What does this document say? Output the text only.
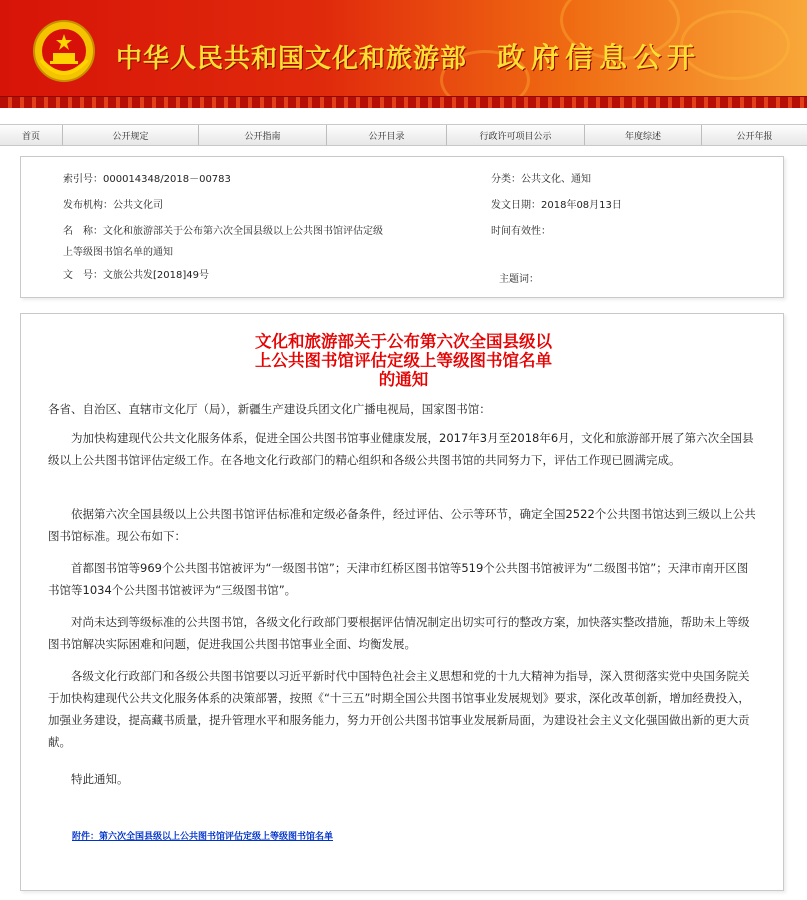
中华人民共和国文化和旅游部 政府信息公开
首页	公开规定	公开指南	公开目录	行政许可项目公示	年度综述	公开年报
索引号：000014348/2018－00783	分类：公共文化、通知
发布机构：公共文化司	发文日期：2018年08月13日
名　称：文化和旅游部关于公布第六次全国县级以上公共图书馆评估定级
上等级图书馆名单的通知
时间有效性：
文　号：文旅公共发[2018]49号	主题词：
文化和旅游部关于公布第六次全国县级以
上公共图书馆评估定级上等级图书馆名单
的通知
各省、自治区、直辖市文化厅（局），新疆生产建设兵团文化广播电视局，国家图书馆：
为加快构建现代公共文化服务体系，促进全国公共图书馆事业健康发展，2017年3月至2018年6月，文化和旅游部开展了第六次全国县级以上公共图书馆评估定级工作。在各地文化行政部门的精心组织和各级公共图书馆的共同努力下，评估工作现已圆满完成。
依据第六次全国县级以上公共图书馆评估标准和定级必备条件，经过评估、公示等环节，确定全国2522个公共图书馆达到三级以上公共图书馆标准。现公布如下：
首都图书馆等969个公共图书馆被评为“一级图书馆”；天津市红桥区图书馆等519个公共图书馆被评为“二级图书馆”；天津市南开区图书馆等1034个公共图书馆被评为“三级图书馆”。
对尚未达到等级标准的公共图书馆，各级文化行政部门要根据评估情况制定出切实可行的整改方案，加快落实整改措施，帮助未上等级图书馆解决实际困难和问题，促进我国公共图书馆事业全面、均衡发展。
各级文化行政部门和各级公共图书馆要以习近平新时代中国特色社会主义思想和党的十九大精神为指导，深入贯彻落实党中央国务院关于加快构建现代公共文化服务体系的决策部署，按照《“十三五”时期全国公共图书馆事业发展规划》要求，深化改革创新，增加经费投入，加强业务建设，提高藏书质量，提升管理水平和服务能力，努力开创公共图书馆事业发展新局面，为建设社会主义文化强国做出新的更大贡献。
特此通知。
附件：第六次全国县级以上公共图书馆评估定级上等级图书馆名单
